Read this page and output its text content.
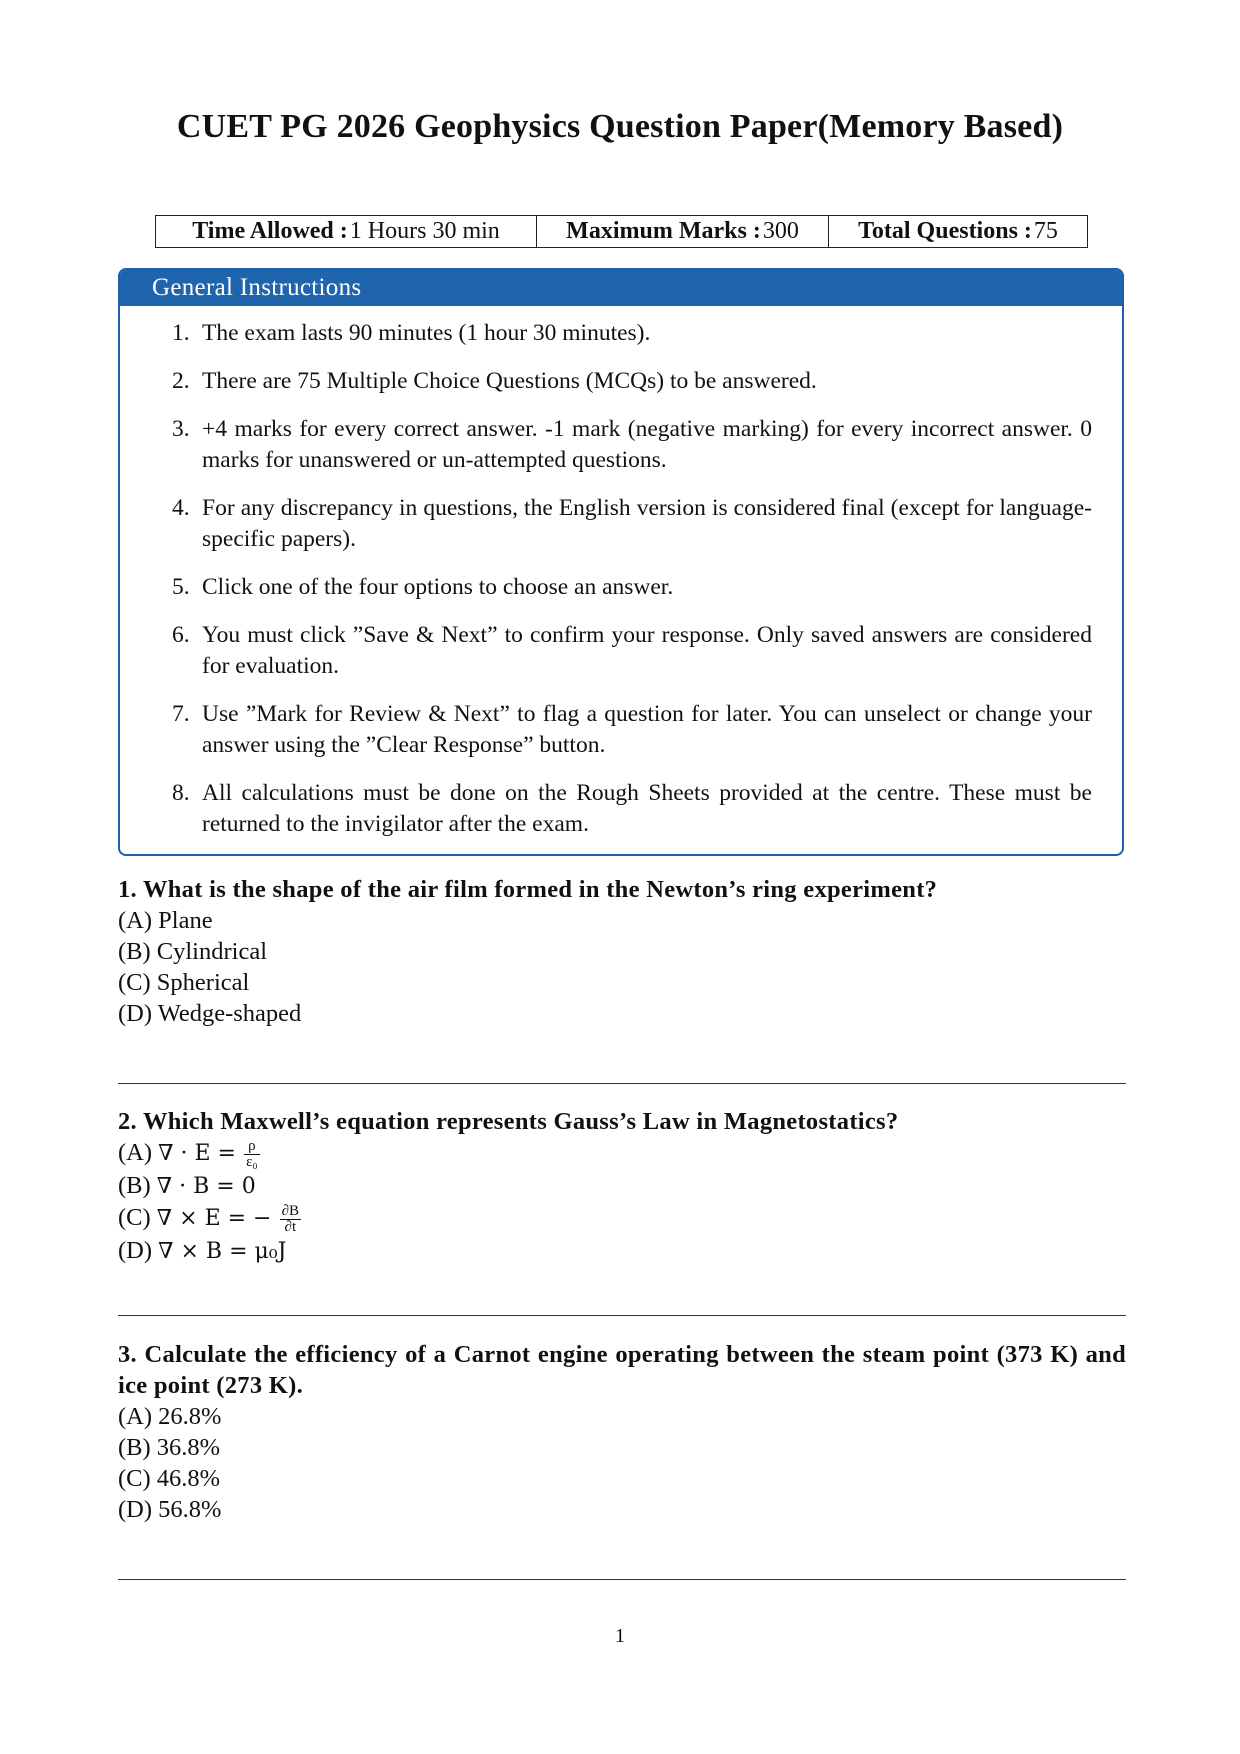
CUET PG 2026 Geophysics Question Paper(Memory Based)
Time Allowed : 1 Hours 30 min	Maximum Marks : 300 Total Questions : 75
General Instructions
1. The exam lasts 90 minutes (1 hour 30 minutes).
2. There are 75 Multiple Choice Questions (MCQs) to be answered.
3. +4 marks for every correct answer. -1 mark (negative marking) for every incorrect answer. 0 marks for unanswered or un-attempted questions.
4. For any discrepancy in questions, the English version is considered final (except for language-specific papers).
5. Click one of the four options to choose an answer.
6. You must click ”Save & Next” to confirm your response. Only saved answers are considered for evaluation.
7. Use ”Mark for Review & Next” to flag a question for later. You can unselect or change your answer using the ”Clear Response” button.
8. All calculations must be done on the Rough Sheets provided at the centre. These must be returned to the invigilator after the exam.
1. What is the shape of the air film formed in the Newton’s ring experiment?
(A) Plane
(B) Cylindrical
(C) Spherical
(D) Wedge-shaped
2. Which Maxwell’s equation represents Gauss’s Law in Magnetostatics?
(A) ∇ · $E = \frac{\rho}{\text{ε₀}}$
(B) ∇ · B = 0
(C) ∇ × E = − $\frac{\partial B}{\partial t}$
(D) ∇ × B = μ₀J
3. Calculate the efficiency of a Carnot engine operating between the steam point (373 K) and ice point (273 K).
(A) 26.8%
(B) 36.8%
(C) 46.8%
(D) 56.8%
1
